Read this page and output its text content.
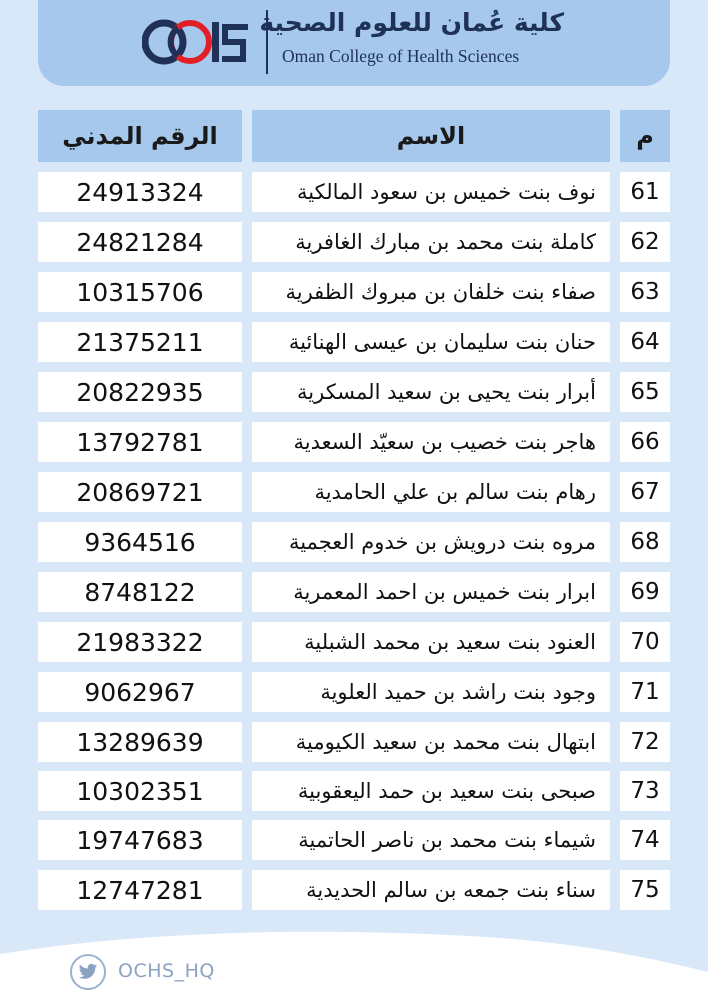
كلية عُمان للعلوم الصحية
Oman College of Health Sciences
الرقم المدني	الاسم	م
24913324	نوف بنت خميس بن سعود المالكية	61
24821284	كاملة بنت محمد بن مبارك الغافرية	62
10315706	صفاء بنت خلفان بن مبروك الظفرية	63
21375211	حنان بنت سليمان بن عيسى الهنائية	64
20822935	أبرار بنت يحيى بن سعيد المسكرية	65
13792781	هاجر بنت خصيب بن سعيّد السعدية	66
20869721	رهام بنت سالم بن علي الحامدية	67
9364516	مروه بنت درويش بن خدوم العجمية	68
8748122	ابرار بنت خميس بن احمد المعمرية	69
21983322	العنود بنت سعيد بن محمد الشبلية	70
9062967	وجود بنت راشد بن حميد العلوية	71
13289639	ابتهال بنت محمد بن سعيد الكيومية	72
10302351	صبحى بنت سعيد بن حمد اليعقوبية	73
19747683	شيماء بنت محمد بن ناصر الحاتمية	74
12747281	سناء بنت جمعه بن سالم الحديدية	75
OCHS_HQ
